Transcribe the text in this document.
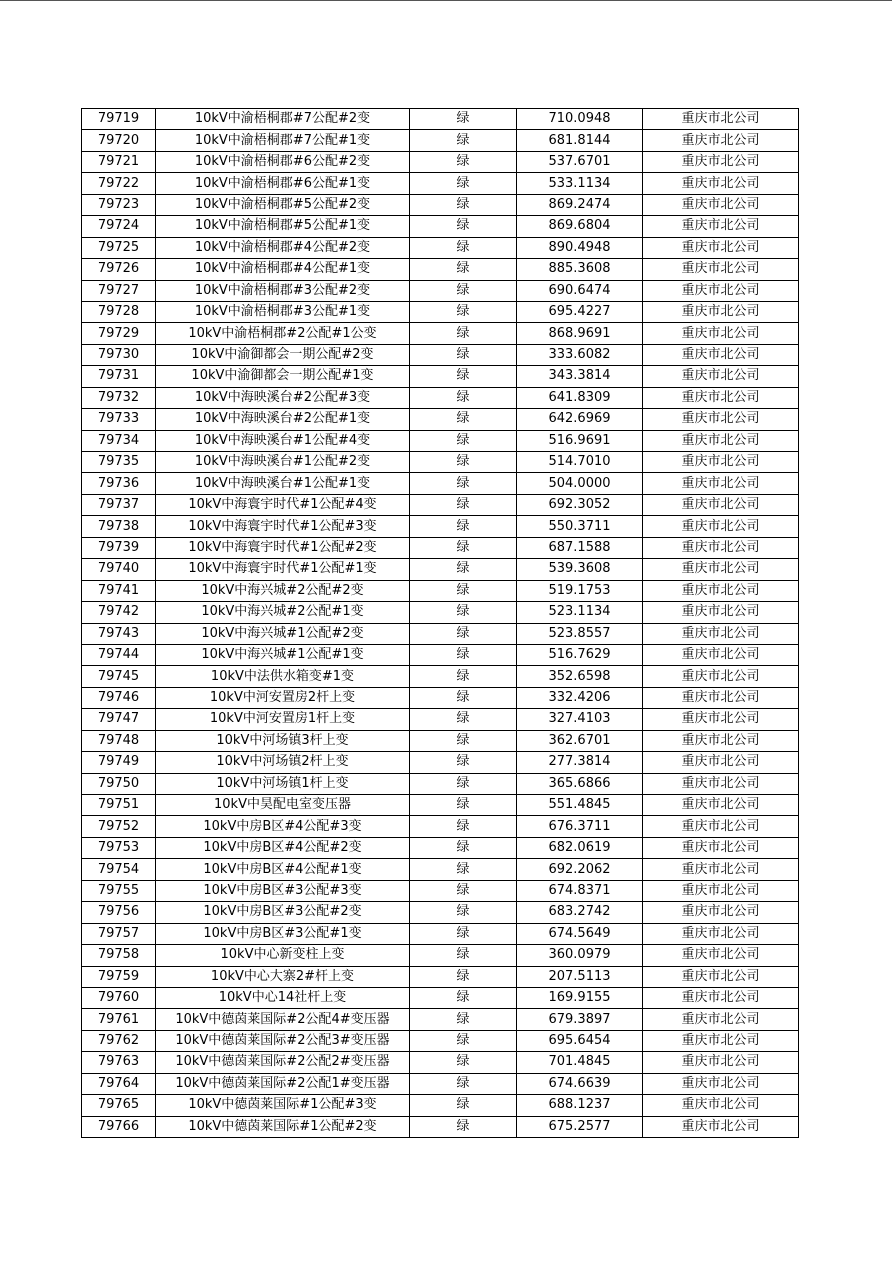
79719	10kV中渝梧桐郡#7公配#2变	绿	710.0948	重庆市北公司
79720	10kV中渝梧桐郡#7公配#1变	绿	681.8144	重庆市北公司
79721	10kV中渝梧桐郡#6公配#2变	绿	537.6701	重庆市北公司
79722	10kV中渝梧桐郡#6公配#1变	绿	533.1134	重庆市北公司
79723	10kV中渝梧桐郡#5公配#2变	绿	869.2474	重庆市北公司
79724	10kV中渝梧桐郡#5公配#1变	绿	869.6804	重庆市北公司
79725	10kV中渝梧桐郡#4公配#2变	绿	890.4948	重庆市北公司
79726	10kV中渝梧桐郡#4公配#1变	绿	885.3608	重庆市北公司
79727	10kV中渝梧桐郡#3公配#2变	绿	690.6474	重庆市北公司
79728	10kV中渝梧桐郡#3公配#1变	绿	695.4227	重庆市北公司
79729	10kV中渝梧桐郡#2公配#1公变	绿	868.9691	重庆市北公司
79730	10kV中渝御都会一期公配#2变	绿	333.6082	重庆市北公司
79731	10kV中渝御都会一期公配#1变	绿	343.3814	重庆市北公司
79732	10kV中海映溪台#2公配#3变	绿	641.8309	重庆市北公司
79733	10kV中海映溪台#2公配#1变	绿	642.6969	重庆市北公司
79734	10kV中海映溪台#1公配#4变	绿	516.9691	重庆市北公司
79735	10kV中海映溪台#1公配#2变	绿	514.7010	重庆市北公司
79736	10kV中海映溪台#1公配#1变	绿	504.0000	重庆市北公司
79737	10kV中海寰宇时代#1公配#4变	绿	692.3052	重庆市北公司
79738	10kV中海寰宇时代#1公配#3变	绿	550.3711	重庆市北公司
79739	10kV中海寰宇时代#1公配#2变	绿	687.1588	重庆市北公司
79740	10kV中海寰宇时代#1公配#1变	绿	539.3608	重庆市北公司
79741	10kV中海兴城#2公配#2变	绿	519.1753	重庆市北公司
79742	10kV中海兴城#2公配#1变	绿	523.1134	重庆市北公司
79743	10kV中海兴城#1公配#2变	绿	523.8557	重庆市北公司
79744	10kV中海兴城#1公配#1变	绿	516.7629	重庆市北公司
79745	10kV中法供水箱变#1变	绿	352.6598	重庆市北公司
79746	10kV中河安置房2杆上变	绿	332.4206	重庆市北公司
79747	10kV中河安置房1杆上变	绿	327.4103	重庆市北公司
79748	10kV中河场镇3杆上变	绿	362.6701	重庆市北公司
79749	10kV中河场镇2杆上变	绿	277.3814	重庆市北公司
79750	10kV中河场镇1杆上变	绿	365.6866	重庆市北公司
79751	10kV中昊配电室变压器	绿	551.4845	重庆市北公司
79752	10kV中房B区#4公配#3变	绿	676.3711	重庆市北公司
79753	10kV中房B区#4公配#2变	绿	682.0619	重庆市北公司
79754	10kV中房B区#4公配#1变	绿	692.2062	重庆市北公司
79755	10kV中房B区#3公配#3变	绿	674.8371	重庆市北公司
79756	10kV中房B区#3公配#2变	绿	683.2742	重庆市北公司
79757	10kV中房B区#3公配#1变	绿	674.5649	重庆市北公司
79758	10kV中心新变柱上变	绿	360.0979	重庆市北公司
79759	10kV中心大寨2#杆上变	绿	207.5113	重庆市北公司
79760	10kV中心14社杆上变	绿	169.9155	重庆市北公司
79761	10kV中德茵莱国际#2公配4#变压器	绿	679.3897	重庆市北公司
79762	10kV中德茵莱国际#2公配3#变压器	绿	695.6454	重庆市北公司
79763	10kV中德茵莱国际#2公配2#变压器	绿	701.4845	重庆市北公司
79764	10kV中德茵莱国际#2公配1#变压器	绿	674.6639	重庆市北公司
79765	10kV中德茵莱国际#1公配#3变	绿	688.1237	重庆市北公司
79766	10kV中德茵莱国际#1公配#2变	绿	675.2577	重庆市北公司
